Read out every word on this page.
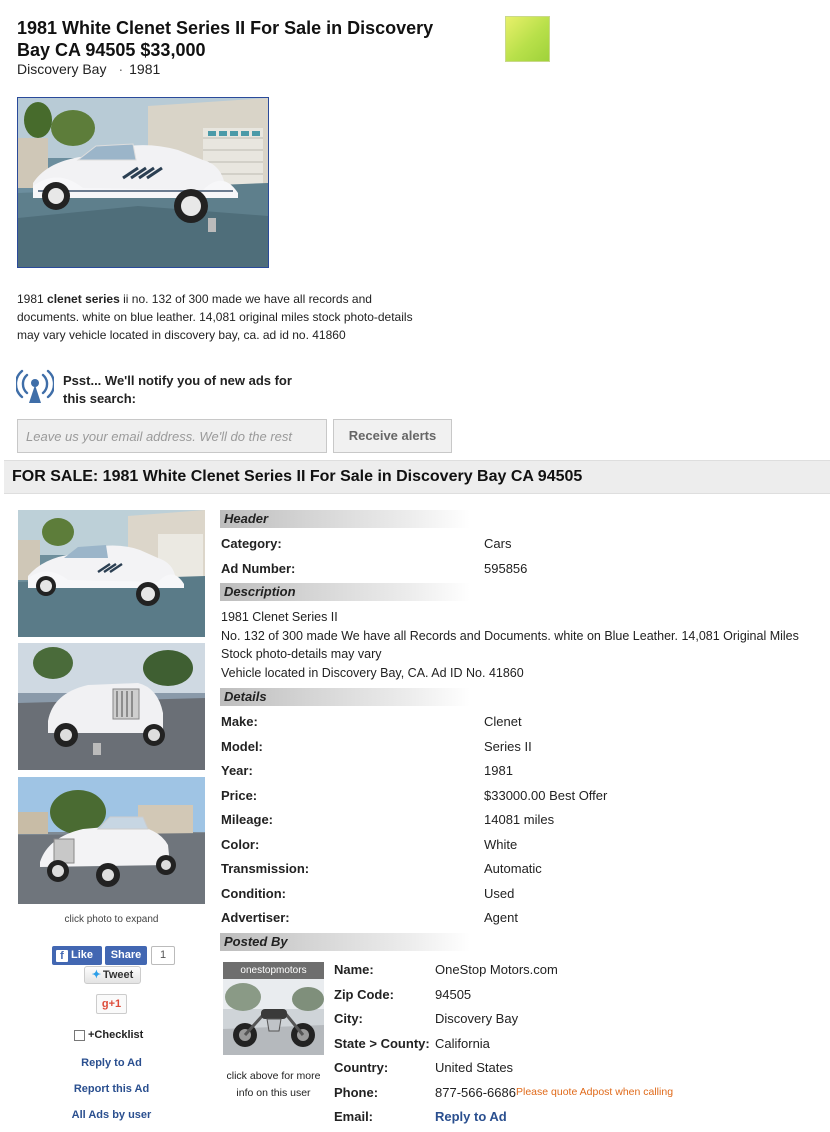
1981 White Clenet Series II For Sale in Discovery Bay CA 94505 $33,000
Discovery Bay · 1981
1981 clenet series ii no. 132 of 300 made we have all records and documents. white on blue leather. 14,081 original miles stock photo-details may vary vehicle located in discovery bay, ca. ad id no. 41860
Psst... We'll notify you of new ads for this search:
Leave us your email address. We'll do the rest
Receive alerts
FOR SALE: 1981 White Clenet Series II For Sale in Discovery Bay CA 94505
click photo to expand
f Like	Share	1
✦ Tweet
g+1
+Checklist
Reply to Ad
Report this Ad
All Ads by user
Header
Category:	Cars
Ad Number:	595856
Description
1981 Clenet Series II
No. 132 of 300 made We have all Records and Documents. white on Blue Leather. 14,081 Original Miles
Stock photo-details may vary
Vehicle located in Discovery Bay, CA. Ad ID No. 41860
Details
Make:	Clenet
Model:	Series II
Year:	1981
Price:	$33000.00 Best Offer
Mileage:	14081 miles
Color:	White
Transmission:	Automatic
Condition:	Used
Advertiser:	Agent
Posted By
onestopmotors
click above for more info on this user
Name:	OneStop Motors.com
Zip Code:	94505
City:	Discovery Bay
State > County: California
Country:	United States
Phone:	877-566-6686 Please quote Adpost when calling
Email:	Reply to Ad
